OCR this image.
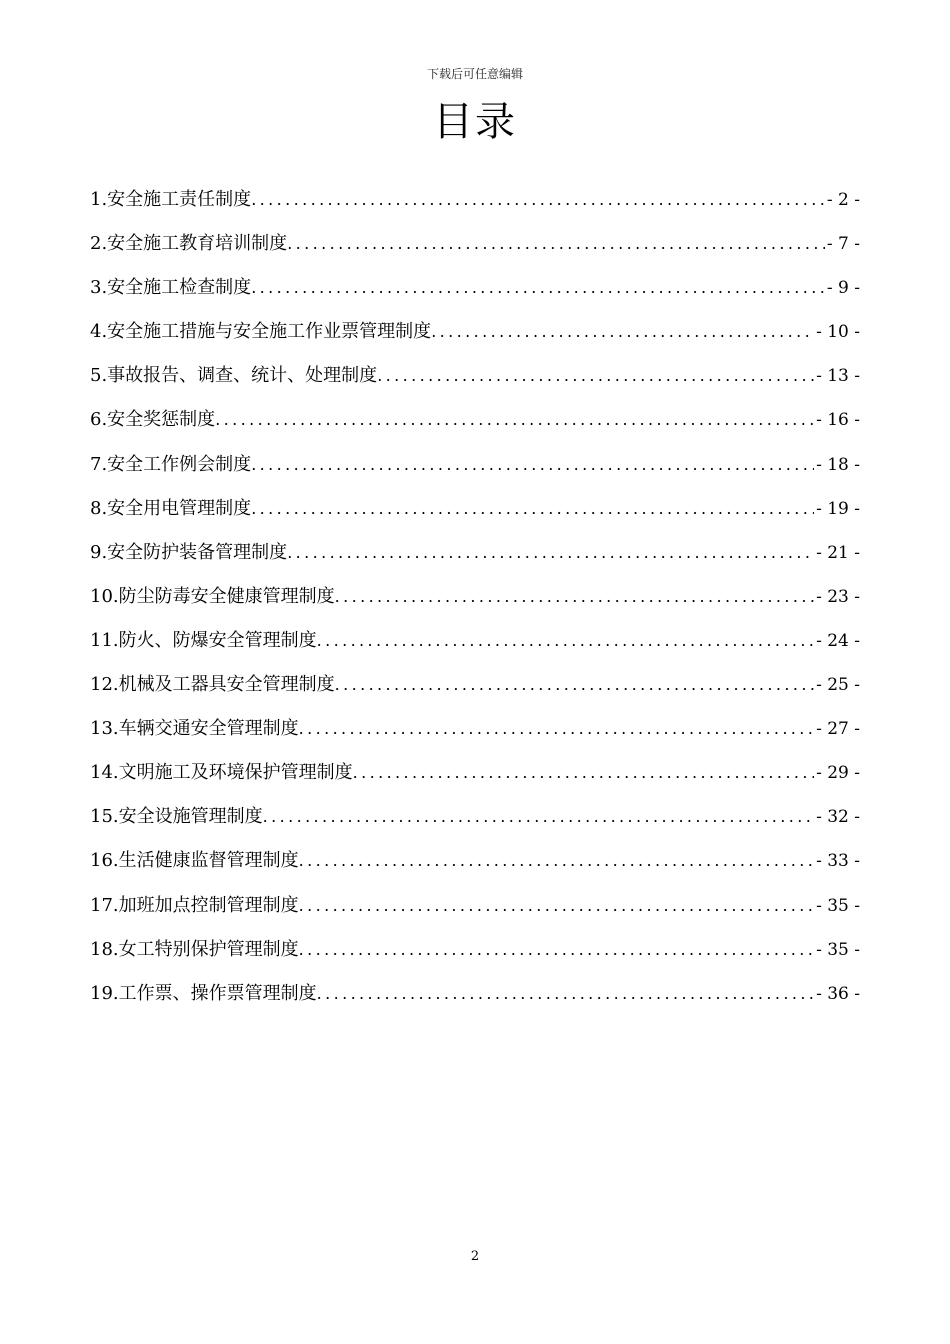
下载后可任意编辑
目录
1.安全施工责任制度 .....	- 2 -
2.安全施工教育培训制度 .....	- 7 -
3.安全施工检查制度 .....	- 9 -
4.安全施工措施与安全施工作业票管理制度 .....	- 10 -
5.事故报告、调查、统计、处理制度 .....	- 13 -
6.安全奖惩制度 .....	- 16 -
7.安全工作例会制度 .....	- 18 -
8.安全用电管理制度 .....	- 19 -
9.安全防护装备管理制度 .....	- 21 -
10.防尘防毒安全健康管理制度 .....	- 23 -
11.防火、防爆安全管理制度 .....	- 24 -
12.机械及工器具安全管理制度 .....	- 25 -
13.车辆交通安全管理制度 .....	- 27 -
14.文明施工及环境保护管理制度 .....	- 29 -
15.安全设施管理制度 .....	- 32 -
16.生活健康监督管理制度 .....	- 33 -
17.加班加点控制管理制度 .....	- 35 -
18.女工特别保护管理制度 .....	- 35 -
19.工作票、操作票管理制度 .....	- 36 -
2
